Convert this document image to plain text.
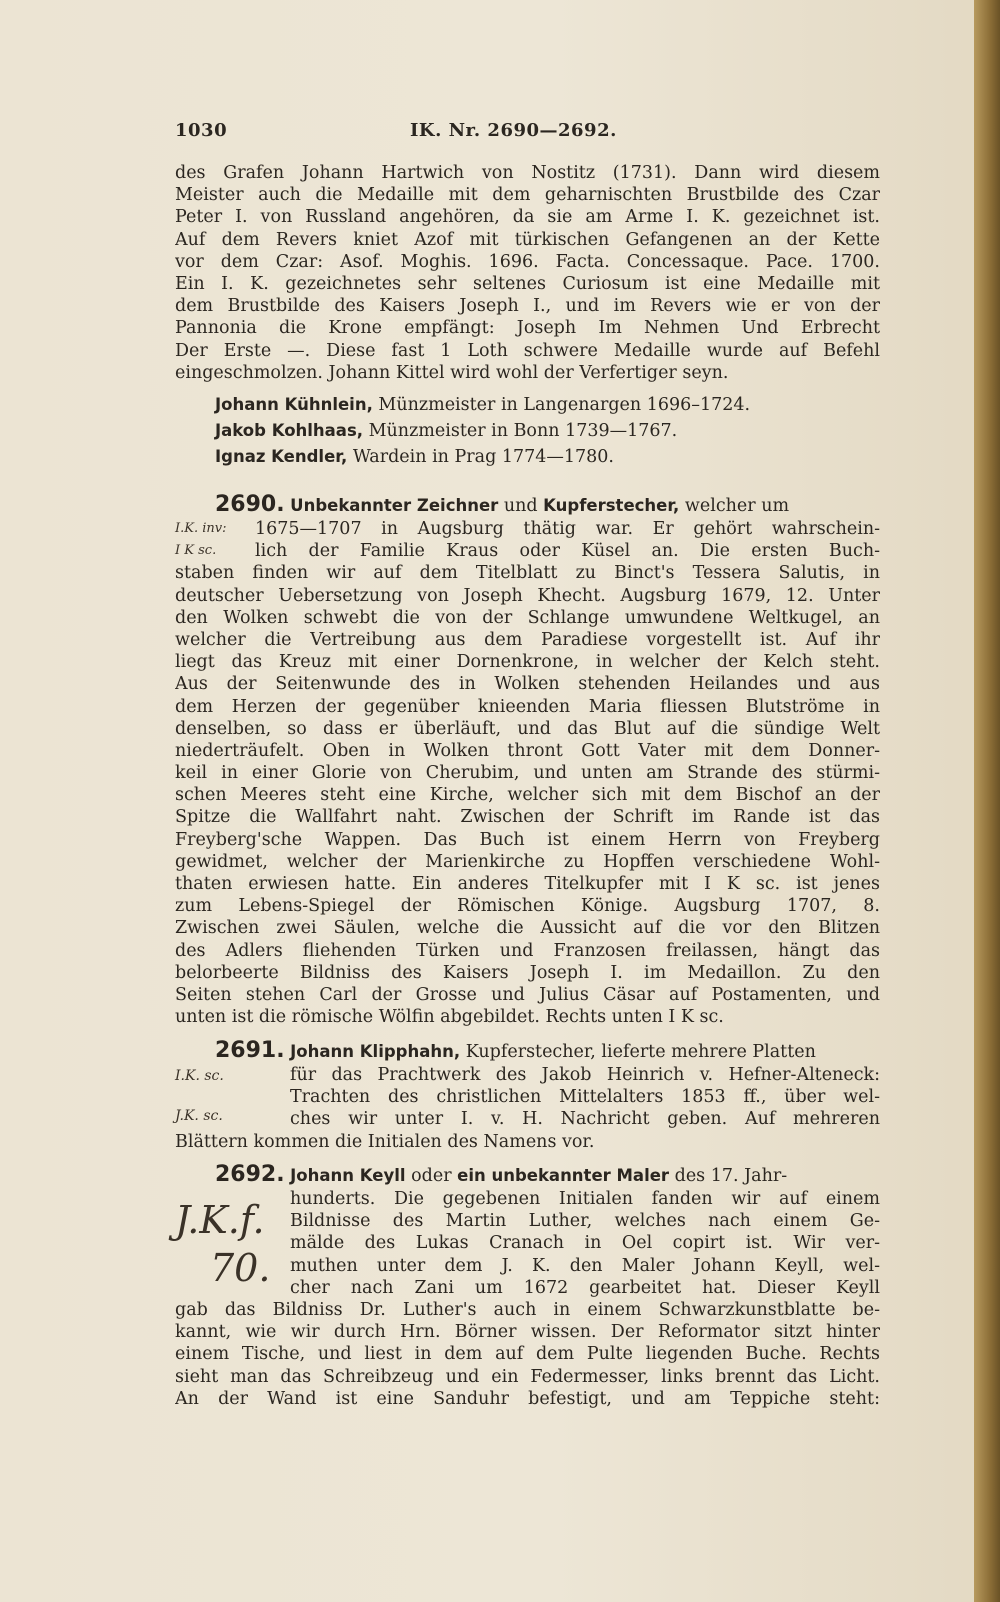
1030	IK. Nr. 2690—2692.
des Grafen Johann Hartwich von Nostitz (1731). Dann wird diesem
Meister auch die Medaille mit dem geharnischten Brustbilde des Czar
Peter I. von Russland angehören, da sie am Arme I. K. gezeichnet ist.
Auf dem Revers kniet Azof mit türkischen Gefangenen an der Kette
vor dem Czar: Asof. Moghis. 1696. Facta. Concessaque. Pace. 1700.
Ein I. K. gezeichnetes sehr seltenes Curiosum ist eine Medaille mit
dem Brustbilde des Kaisers Joseph I., und im Revers wie er von der
Pannonia die Krone empfängt: Joseph Im Nehmen Und Erbrecht
Der Erste —. Diese fast 1 Loth schwere Medaille wurde auf Befehl
eingeschmolzen. Johann Kittel wird wohl der Verfertiger seyn.
Johann Kühnlein, Münzmeister in Langenargen 1696–1724.
Jakob Kohlhaas, Münzmeister in Bonn 1739—1767.
Ignaz Kendler, Wardein in Prag 1774—1780.
2690. Unbekannter Zeichner und Kupferstecher, welcher um
I.K. inv:
I K sc.
1675—1707 in Augsburg thätig war. Er gehört wahrschein-
lich der Familie Kraus oder Küsel an. Die ersten Buch-
staben finden wir auf dem Titelblatt zu Binct's Tessera Salutis, in
deutscher Uebersetzung von Joseph Khecht. Augsburg 1679, 12. Unter
den Wolken schwebt die von der Schlange umwundene Weltkugel, an
welcher die Vertreibung aus dem Paradiese vorgestellt ist. Auf ihr
liegt das Kreuz mit einer Dornenkrone, in welcher der Kelch steht.
Aus der Seitenwunde des in Wolken stehenden Heilandes und aus
dem Herzen der gegenüber knieenden Maria fliessen Blutströme in
denselben, so dass er überläuft, und das Blut auf die sündige Welt
niederträufelt. Oben in Wolken thront Gott Vater mit dem Donner-
keil in einer Glorie von Cherubim, und unten am Strande des stürmi-
schen Meeres steht eine Kirche, welcher sich mit dem Bischof an der
Spitze die Wallfahrt naht. Zwischen der Schrift im Rande ist das
Freyberg'sche Wappen. Das Buch ist einem Herrn von Freyberg
gewidmet, welcher der Marienkirche zu Hopffen verschiedene Wohl-
thaten erwiesen hatte. Ein anderes Titelkupfer mit I K sc. ist jenes
zum Lebens-Spiegel der Römischen Könige. Augsburg 1707, 8.
Zwischen zwei Säulen, welche die Aussicht auf die vor den Blitzen
des Adlers fliehenden Türken und Franzosen freilassen, hängt das
belorbeerte Bildniss des Kaisers Joseph I. im Medaillon. Zu den
Seiten stehen Carl der Grosse und Julius Cäsar auf Postamenten, und
unten ist die römische Wölfin abgebildet. Rechts unten I K sc.
2691. Johann Klipphahn, Kupferstecher, lieferte mehrere Platten
I.K. sc.
J.K. sc.
für das Prachtwerk des Jakob Heinrich v. Hefner-Alteneck:
Trachten des christlichen Mittelalters 1853 ff., über wel-
ches wir unter I. v. H. Nachricht geben. Auf mehreren
Blättern kommen die Initialen des Namens vor.
2692. Johann Keyll oder ein unbekannter Maler des 17. Jahr-
J.K.f.
70.
hunderts. Die gegebenen Initialen fanden wir auf einem
Bildnisse des Martin Luther, welches nach einem Ge-
mälde des Lukas Cranach in Oel copirt ist. Wir ver-
muthen unter dem J. K. den Maler Johann Keyll, wel-
cher nach Zani um 1672 gearbeitet hat. Dieser Keyll
gab das Bildniss Dr. Luther's auch in einem Schwarzkunstblatte be-
kannt, wie wir durch Hrn. Börner wissen. Der Reformator sitzt hinter
einem Tische, und liest in dem auf dem Pulte liegenden Buche. Rechts
sieht man das Schreibzeug und ein Federmesser, links brennt das Licht.
An der Wand ist eine Sanduhr befestigt, und am Teppiche steht:
